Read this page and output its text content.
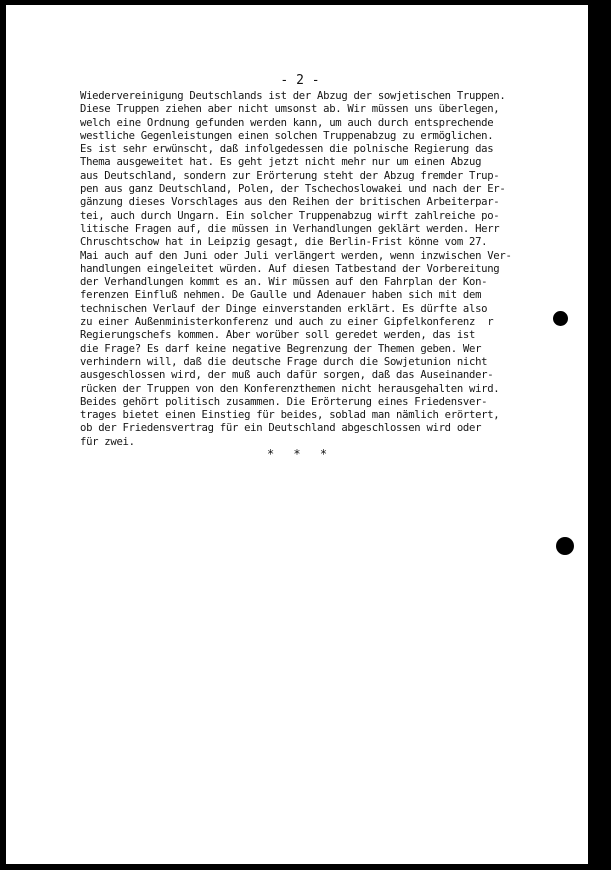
- 2 -
Wiedervereinigung Deutschlands ist der Abzug der sowjetischen Truppen.
Diese Truppen ziehen aber nicht umsonst ab. Wir müssen uns überlegen,
welch eine Ordnung gefunden werden kann, um auch durch entsprechende
westliche Gegenleistungen einen solchen Truppenabzug zu ermöglichen.
Es ist sehr erwünscht, daß infolgedessen die polnische Regierung das
Thema ausgeweitet hat. Es geht jetzt nicht mehr nur um einen Abzug
aus Deutschland, sondern zur Erörterung steht der Abzug fremder Trup-
pen aus ganz Deutschland, Polen, der Tschechoslowakei und nach der Er-
gänzung dieses Vorschlages aus den Reihen der britischen Arbeiterpar-
tei, auch durch Ungarn. Ein solcher Truppenabzug wirft zahlreiche po-
litische Fragen auf, die müssen in Verhandlungen geklärt werden. Herr
Chruschtschow hat in Leipzig gesagt, die Berlin-Frist könne vom 27.
Mai auch auf den Juni oder Juli verlängert werden, wenn inzwischen Ver-
handlungen eingeleitet würden. Auf diesen Tatbestand der Vorbereitung
der Verhandlungen kommt es an. Wir müssen auf den Fahrplan der Kon-
ferenzen Einfluß nehmen. De Gaulle und Adenauer haben sich mit dem
technischen Verlauf der Dinge einverstanden erklärt. Es dürfte also
zu einer Außenministerkonferenz und auch zu einer Gipfelkonferenz  r
Regierungschefs kommen. Aber worüber soll geredet werden, das ist
die Frage? Es darf keine negative Begrenzung der Themen geben. Wer
verhindern will, daß die deutsche Frage durch die Sowjetunion nicht
ausgeschlossen wird, der muß auch dafür sorgen, daß das Auseinander-
rücken der Truppen von den Konferenzthemen nicht herausgehalten wird.
Beides gehört politisch zusammen. Die Erörterung eines Friedensver-
trages bietet einen Einstieg für beides, soblad man nämlich erörtert,
ob der Friedensvertrag für ein Deutschland abgeschlossen wird oder
für zwei.
* * *
